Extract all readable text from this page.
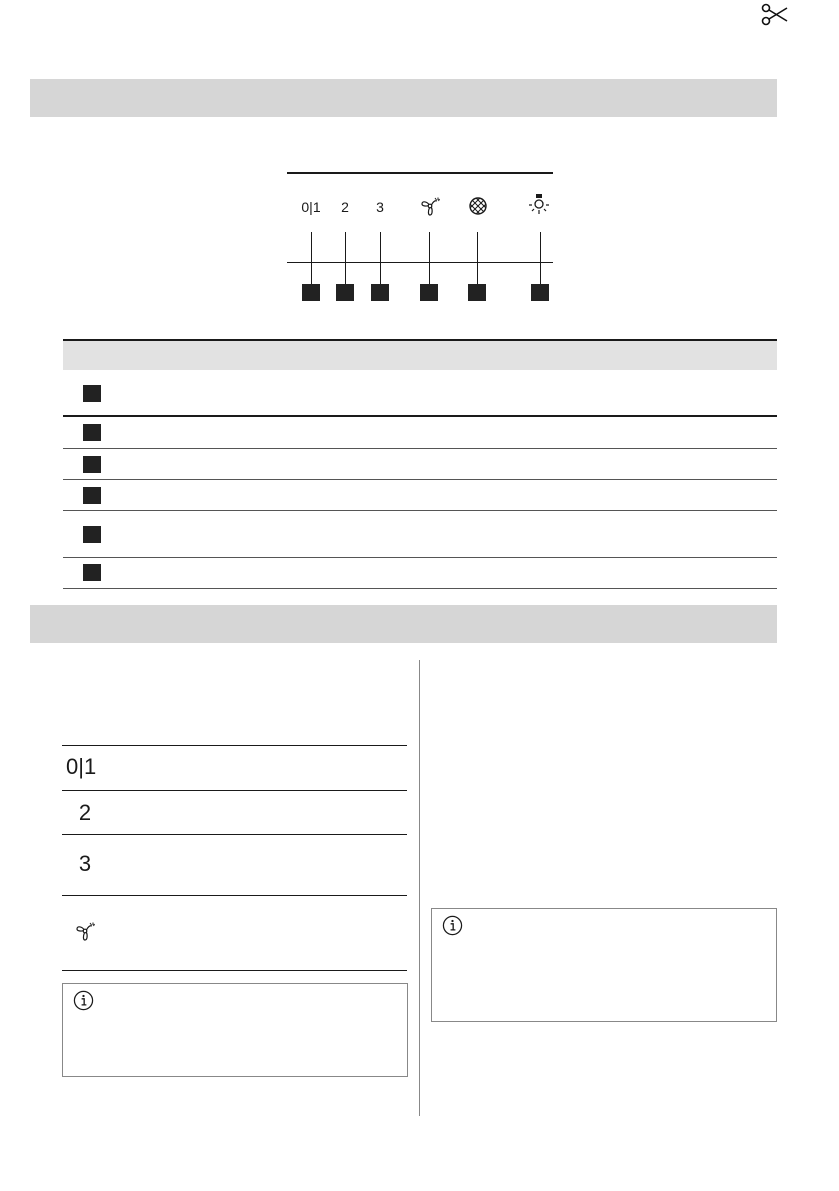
0|1	2	3
0|1
2
3
